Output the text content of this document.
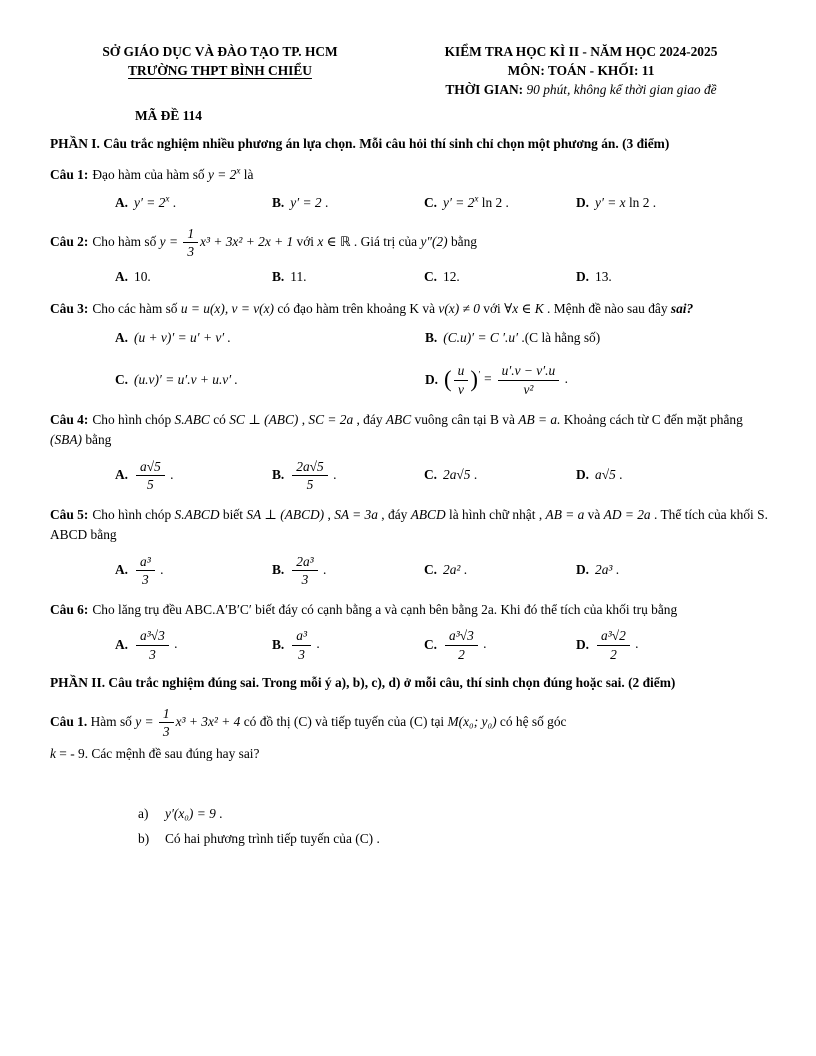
SỞ GIÁO DỤC VÀ ĐÀO TẠO TP. HCM
TRƯỜNG THPT BÌNH CHIỂU
KIỂM TRA HỌC KÌ II - NĂM HỌC 2024-2025
MÔN: TOÁN - KHỐI: 11
THỜI GIAN: 90 phút, không kể thời gian giao đề
MÃ ĐỀ 114
PHẦN I. Câu trắc nghiệm nhiều phương án lựa chọn. Mỗi câu hỏi thí sinh chỉ chọn một phương án. (3 điểm)
Câu 1: Đạo hàm của hàm số $y = 2^x$ là
A. $y' = 2^x$ .	B. y′ = 2 .	C. $y' = 2^x$ ln 2 .	D. y′ = x ln 2 .
Câu 2: Cho hàm số $y = \frac{1}{3} x^3 + 3x^2 + 2x + 1$ với x ∈ ℝ . Giá trị của y″(2) bằng
A. 10.	B. 11.	C. 12.	D. 13.
Câu 3: Cho các hàm số u = u(x), v = v(x) có đạo hàm trên khoảng K và v(x) ≠ 0 với ∀x ∈ K . Mệnh đề nào sau đây sai?
A. (u + v)′ = u′ + v′ .	B. (C.u)′ = C ′.u′ .(C là hằng số)
C. (u.v)′ = u′.v + u.v′ .	D. ( $\frac{u}{v} )' = \frac{u'.v - v'.u}{\text{v²}}$ .
Câu 4: Cho hình chóp S.ABC có SC ⊥ (ABC) , SC = 2a , đáy ABC vuông cân tại B và AB = a. Khoảng cách từ C đến mặt phẳng (SBA) bằng
A. $\frac{a√5}{5}$ .	B. $\frac{2a√5}{5}$ .	C. 2a√5 .	D. a√5 .
Câu 5: Cho hình chóp S.ABCD biết SA ⊥ (ABCD) , SA = 3a , đáy ABCD là hình chữ nhật , AB = a và AD = 2a . Thể tích của khối S. ABCD bằng
A. $\frac{\text{a³}}{3}$ .	B. $\frac{\text{2a³}}{3}$ .	C. 2a² .	D. 2a³ .
Câu 6: Cho lăng trụ đều ABC.A′B′C′ biết đáy có cạnh bằng a và cạnh bên bằng 2a. Khi đó thể tích của khối trụ bằng
A. $\frac{\text{a³√3}}{3}$ .	B. $\frac{\text{a³}}{3}$ .	C. $\frac{\text{a³√3}}{2}$ .	D. $\frac{\text{a³√2}}{2}$ .
PHẦN II. Câu trắc nghiệm đúng sai. Trong mỗi ý a), b), c), d) ở mỗi câu, thí sinh chọn đúng hoặc sai. (2 điểm)
Câu 1. Hàm số $y = \frac{1}{3} x^3 + 3x^2 + 4$ có đồ thị (C) và tiếp tuyến của (C) tại M(x₀; y₀) có hệ số góc
k = - 9. Các mệnh đề sau đúng hay sai?
a) y′(x₀) = 9 .
b) Có hai phương trình tiếp tuyến của (C) .
